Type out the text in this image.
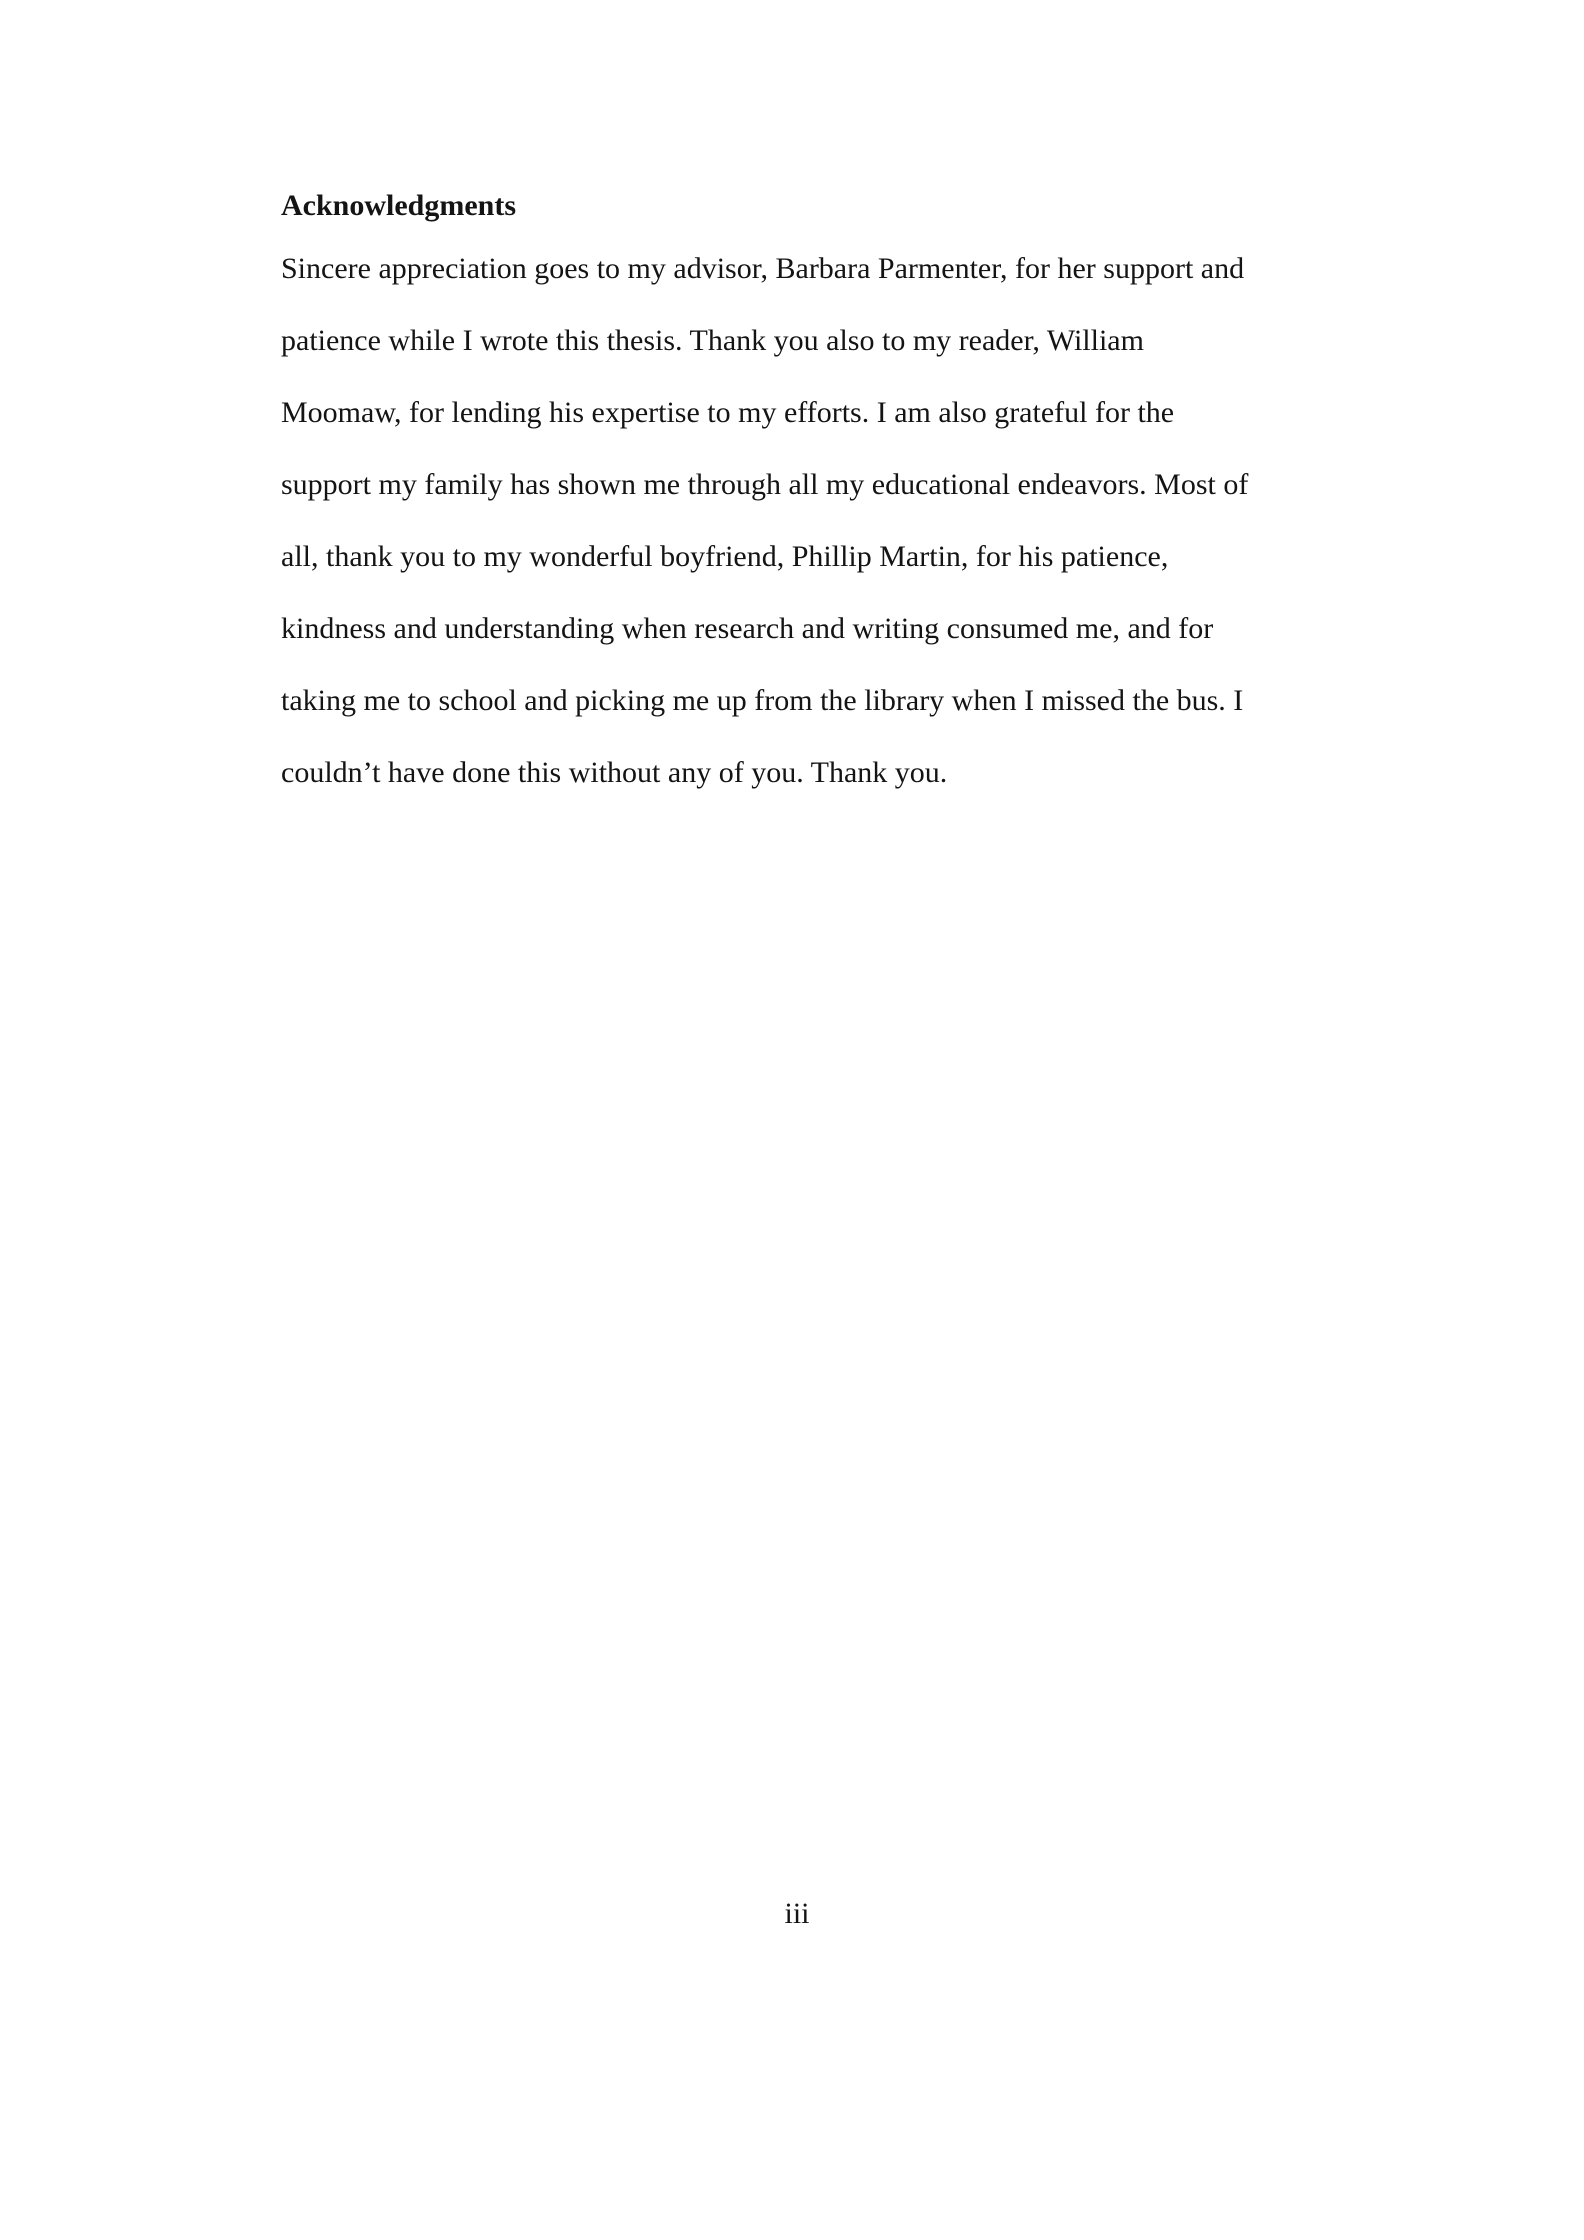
Acknowledgments

Sincere appreciation goes to my advisor, Barbara Parmenter, for her support and
patience while I wrote this thesis. Thank you also to my reader, William
Moomaw, for lending his expertise to my efforts. I am also grateful for the
support my family has shown me through all my educational endeavors. Most of
all, thank you to my wonderful boyfriend, Phillip Martin, for his patience,
kindness and understanding when research and writing consumed me, and for
taking me to school and picking me up from the library when I missed the bus. I
couldn’t have done this without any of you. Thank you.

iii
